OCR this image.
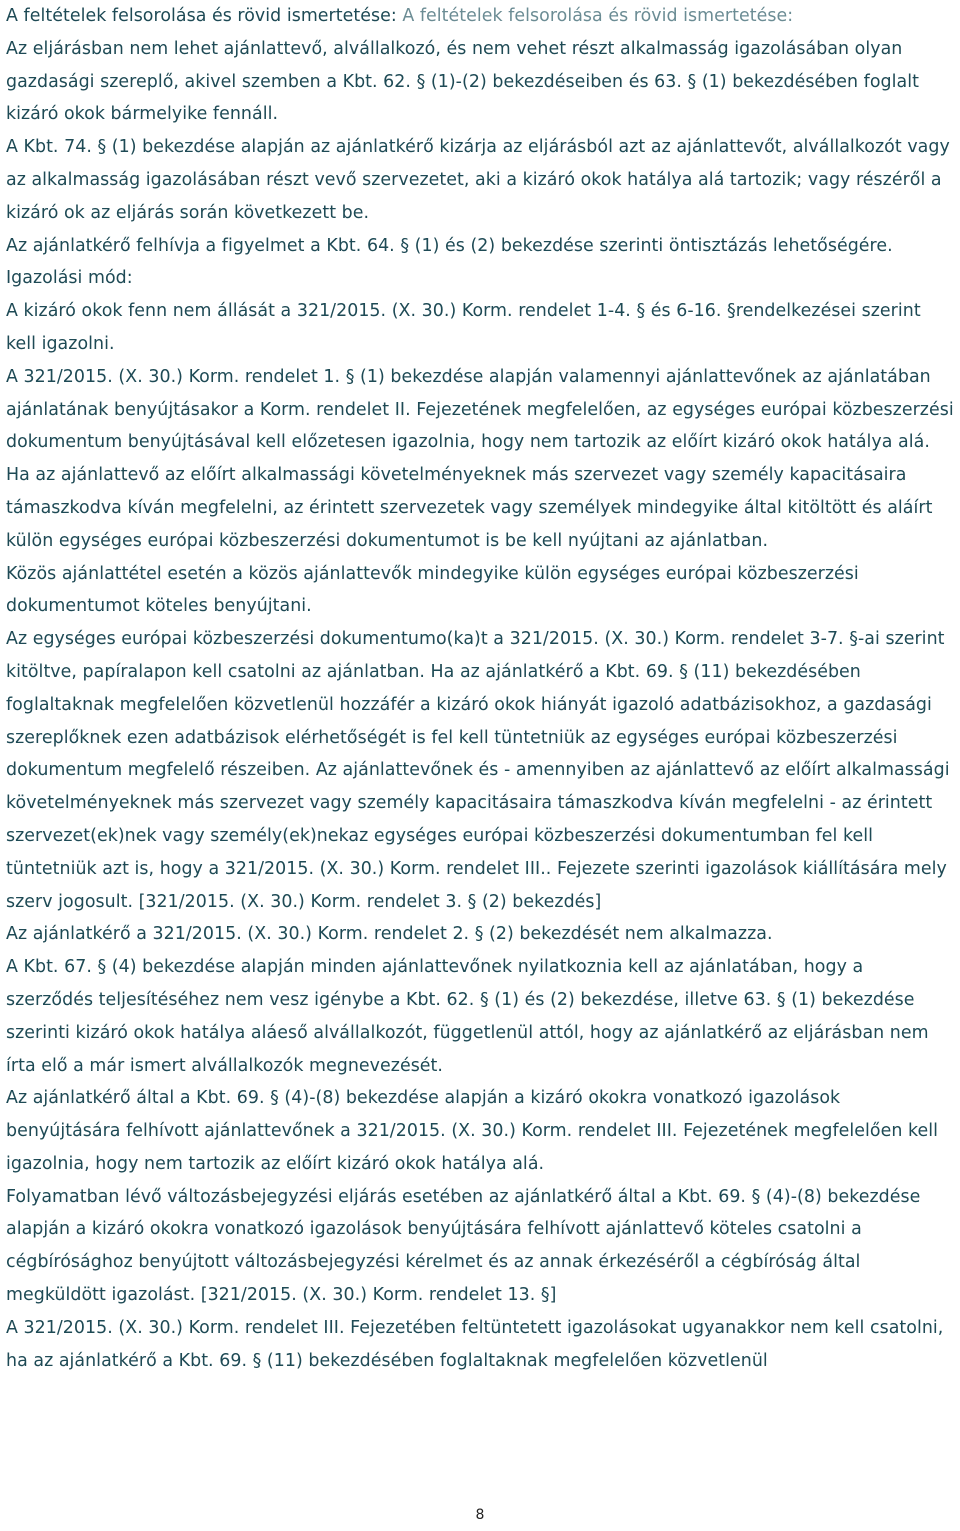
A feltételek felsorolása és rövid ismertetése: A feltételek felsorolása és rövid ismertetése:

Az eljárásban nem lehet ajánlattevő, alvállalkozó, és nem vehet részt alkalmasság igazolásában olyan gazdasági szereplő, akivel szemben a Kbt. 62. § (1)-(2) bekezdéseiben és 63. § (1) bekezdésében foglalt kizáró okok bármelyike fennáll.

A Kbt. 74. § (1) bekezdése alapján az ajánlatkérő kizárja az eljárásból azt az ajánlattevőt, alvállalkozót vagy az alkalmasság igazolásában részt vevő szervezetet, aki a kizáró okok hatálya alá tartozik; vagy részéről a kizáró ok az eljárás során következett be.

Az ajánlatkérő felhívja a figyelmet a Kbt. 64. § (1) és (2) bekezdése szerinti öntisztázás lehetőségére.

Igazolási mód:

A kizáró okok fenn nem állását a 321/2015. (X. 30.) Korm. rendelet 1-4. § és 6-16. §rendelkezései szerint kell igazolni.

A 321/2015. (X. 30.) Korm. rendelet 1. § (1) bekezdése alapján valamennyi ajánlattevőnek az ajánlatában ajánlatának benyújtásakor a Korm. rendelet II. Fejezetének megfelelően, az egységes európai közbeszerzési dokumentum benyújtásával kell előzetesen igazolnia, hogy nem tartozik az előírt kizáró okok hatálya alá.

Ha az ajánlattevő az előírt alkalmassági követelményeknek más szervezet vagy személy kapacitásaira támaszkodva kíván megfelelni, az érintett szervezetek vagy személyek mindegyike által kitöltött és aláírt külön egységes európai közbeszerzési dokumentumot is be kell nyújtani az ajánlatban.

Közös ajánlattétel esetén a közös ajánlattevők mindegyike külön egységes európai közbeszerzési dokumentumot köteles benyújtani.

Az egységes európai közbeszerzési dokumentumo(ka)t a 321/2015. (X. 30.) Korm. rendelet 3-7. §-ai szerint kitöltve, papíralapon kell csatolni az ajánlatban. Ha az ajánlatkérő a Kbt. 69. § (11) bekezdésében foglaltaknak megfelelően közvetlenül hozzáfér a kizáró okok hiányát igazoló adatbázisokhoz, a gazdasági szereplőknek ezen adatbázisok elérhetőségét is fel kell tüntetniük az egységes európai közbeszerzési dokumentum megfelelő részeiben. Az ajánlattevőnek és - amennyiben az ajánlattevő az előírt alkalmassági követelményeknek más szervezet vagy személy kapacitásaira támaszkodva kíván megfelelni - az érintett szervezet(ek)nek vagy személy(ek)nekaz egységes európai közbeszerzési dokumentumban fel kell tüntetniük azt is, hogy a 321/2015. (X. 30.) Korm. rendelet III.. Fejezete szerinti igazolások kiállítására mely szerv jogosult. [321/2015. (X. 30.) Korm. rendelet 3. § (2) bekezdés]

Az ajánlatkérő a 321/2015. (X. 30.) Korm. rendelet 2. § (2) bekezdését nem alkalmazza.

A Kbt. 67. § (4) bekezdése alapján minden ajánlattevőnek nyilatkoznia kell az ajánlatában, hogy a szerződés teljesítéséhez nem vesz igénybe a Kbt. 62. § (1) és (2) bekezdése, illetve 63. § (1) bekezdése szerinti kizáró okok hatálya aláeső alvállalkozót, függetlenül attól, hogy az ajánlatkérő az eljárásban nem írta elő a már ismert alvállalkozók megnevezését.

Az ajánlatkérő által a Kbt. 69. § (4)-(8) bekezdése alapján a kizáró okokra vonatkozó igazolások benyújtására felhívott ajánlattevőnek a 321/2015. (X. 30.) Korm. rendelet III. Fejezetének megfelelően kell igazolnia, hogy nem tartozik az előírt kizáró okok hatálya alá.

Folyamatban lévő változásbejegyzési eljárás esetében az ajánlatkérő által a Kbt. 69. § (4)-(8) bekezdése alapján a kizáró okokra vonatkozó igazolások benyújtására felhívott ajánlattevő köteles csatolni a cégbírósághoz benyújtott változásbejegyzési kérelmet és az annak érkezéséről a cégbíróság által megküldött igazolást. [321/2015. (X. 30.) Korm. rendelet 13. §]

A 321/2015. (X. 30.) Korm. rendelet III. Fejezetében feltüntetett igazolásokat ugyanakkor nem kell csatolni, ha az ajánlatkérő a Kbt. 69. § (11) bekezdésében foglaltaknak megfelelően közvetlenül

8
